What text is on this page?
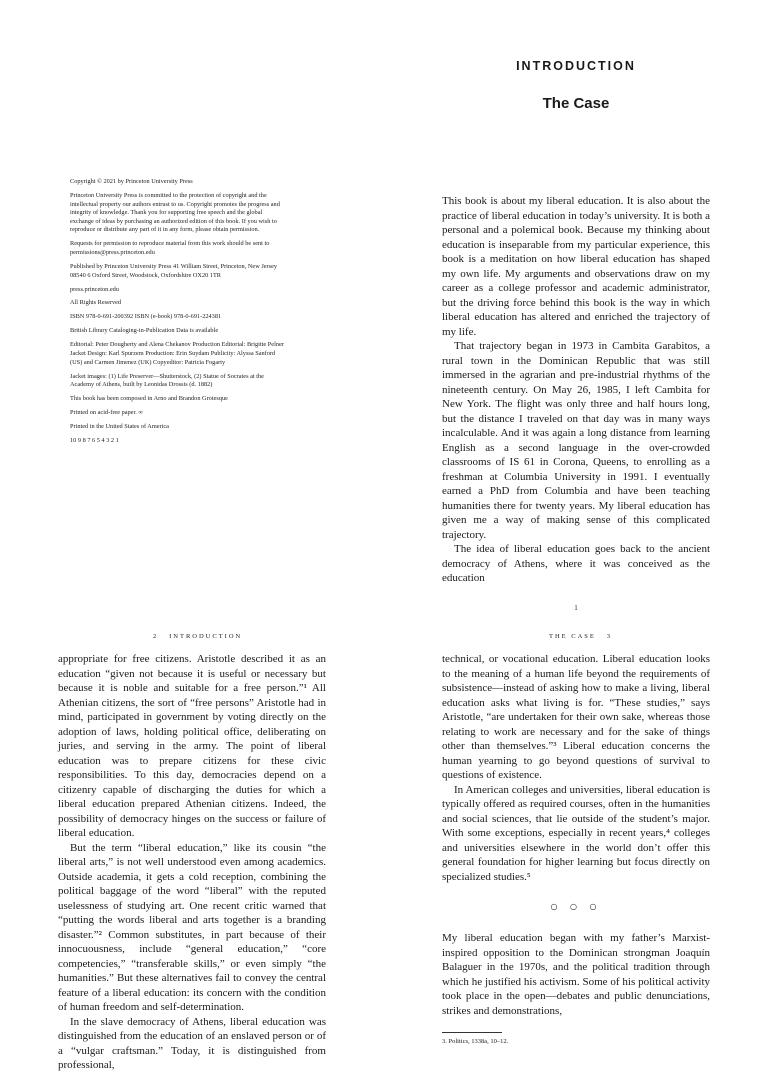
Copyright © 2021 by Princeton University Press

Princeton University Press is committed to the protection of copyright and the intellectual property our authors entrust to us. Copyright promotes the progress and integrity of knowledge. Thank you for supporting free speech and the global exchange of ideas by purchasing an authorized edition of this book. If you wish to reproduce or distribute any part of it in any form, please obtain permission.

Requests for permission to reproduce material from this work should be sent to permissions@press.princeton.edu

Published by Princeton University Press 41 William Street, Princeton, New Jersey 08540 6 Oxford Street, Woodstock, Oxfordshire OX20 1TR

press.princeton.edu

All Rights Reserved

ISBN 978-0-691-200392 ISBN (e-book) 978-0-691-224381

British Library Cataloging-in-Publication Data is available

Editorial: Peter Dougherty and Alena Chekanov Production Editorial: Brigitte Pelner Jacket Design: Karl Spurzem Production: Erin Suydam Publicity: Alyssa Sanford (US) and Carmen Jimenez (UK) Copyeditor: Patricia Fogarty

Jacket images: (1) Life Preserver—Shutterstock, (2) Statue of Socrates at the Academy of Athens, built by Leonidas Drossis (d. 1882)

This book has been composed in Arno and Brandon Grotesque

Printed on acid-free paper. ∞

Printed in the United States of America

10 9 8 7 6 5 4 3 2 1

INTRODUCTION
The Case

This book is about my liberal education. It is also about the practice of liberal education in today’s university. It is both a personal and a polemical book. Because my thinking about education is inseparable from my particular experience, this book is a meditation on how liberal education has shaped my own life. My arguments and observations draw on my career as a college professor and academic administrator, but the driving force behind this book is the way in which liberal education has altered and enriched the trajectory of my life.

That trajectory began in 1973 in Cambita Garabitos, a rural town in the Dominican Republic that was still immersed in the agrarian and pre-industrial rhythms of the nineteenth century. On May 26, 1985, I left Cambita for New York. The flight was only three and half hours long, but the distance I traveled on that day was in many ways incalculable. And it was again a long distance from learning English as a second language in the over-crowded classrooms of IS 61 in Corona, Queens, to enrolling as a freshman at Columbia University in 1991. I eventually earned a PhD from Columbia and have been teaching humanities there for twenty years. My liberal education has given me a way of making sense of this complicated trajectory.

The idea of liberal education goes back to the ancient democracy of Athens, where it was conceived as the education

1
2   INTRODUCTION	THE CASE   3

appropriate for free citizens. Aristotle described it as an education “given not because it is useful or necessary but because it is noble and suitable for a free person.”¹ All Athenian citizens, the sort of “free persons” Aristotle had in mind, participated in government by voting directly on the adoption of laws, holding political office, deliberating on juries, and serving in the army. The point of liberal education was to prepare citizens for these civic responsibilities. To this day, democracies depend on a citizenry capable of discharging the duties for which a liberal education prepared Athenian citizens. Indeed, the possibility of democracy hinges on the success or failure of liberal education.

But the term “liberal education,” like its cousin “the liberal arts,” is not well understood even among academics. Outside academia, it gets a cold reception, combining the political baggage of the word “liberal” with the reputed uselessness of studying art. One recent critic warned that “putting the words liberal and arts together is a branding disaster.”² Common substitutes, in part because of their innocuousness, include “general education,” “core competencies,” “transferable skills,” or even simply “the humanities.” But these alternatives fail to convey the central feature of a liberal education: its concern with the condition of human freedom and self-determination.

In the slave democracy of Athens, liberal education was distinguished from the education of an enslaved person or of a “vulgar craftsman.” Today, it is distinguished from professional,

technical, or vocational education. Liberal education looks to the meaning of a human life beyond the requirements of subsistence—instead of asking how to make a living, liberal education asks what living is for. “These studies,” says Aristotle, “are undertaken for their own sake, whereas those relating to work are necessary and for the sake of things other than themselves.”³ Liberal education concerns the human yearning to go beyond questions of survival to questions of existence.

In American colleges and universities, liberal education is typically offered as required courses, often in the humanities and social sciences, that lie outside of the student’s major. With some exceptions, especially in recent years,⁴ colleges and universities elsewhere in the world don’t offer this general foundation for higher learning but focus directly on specialized studies.⁵

○ ○ ○

My liberal education began with my father’s Marxist-inspired opposition to the Dominican strongman Joaquín Balaguer in the 1970s, and the political tradition through which he justified his activism. Some of his political activity took place in the open—debates and public denunciations, strikes and demonstrations,

3. Politics, 1338a, 10–12.
